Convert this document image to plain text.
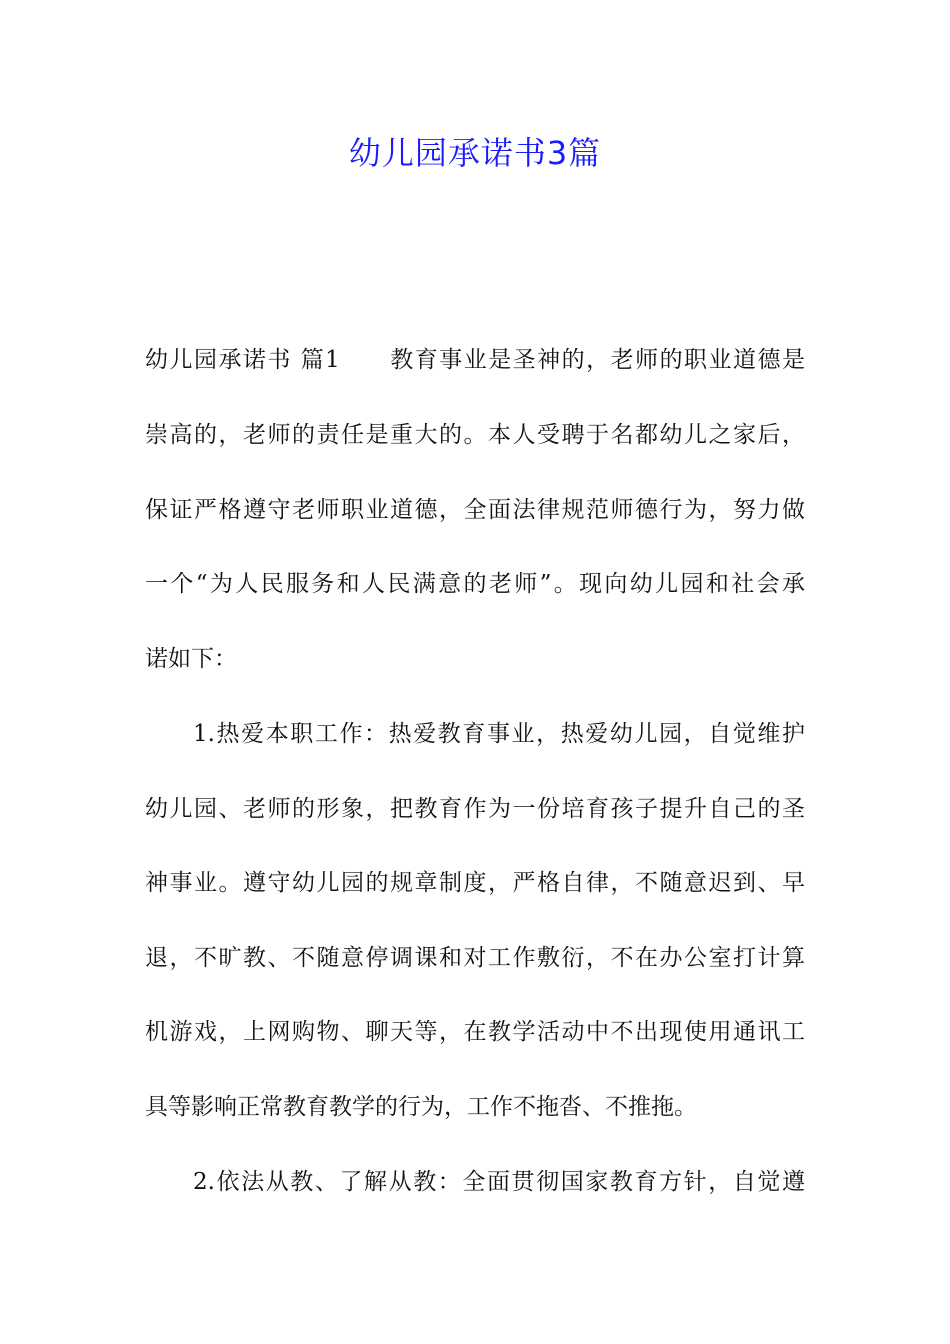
幼儿园承诺书3篇
幼儿园承诺书 篇1　　教育事业是圣神的，老师的职业道德是
崇高的，老师的责任是重大的。本人受聘于名都幼儿之家后，
保证严格遵守老师职业道德，全面法律规范师德行为，努力做
一个“为人民服务和人民满意的老师”。现向幼儿园和社会承
诺如下：
1.热爱本职工作：热爱教育事业，热爱幼儿园，自觉维护
幼儿园、老师的形象，把教育作为一份培育孩子提升自己的圣
神事业。遵守幼儿园的规章制度，严格自律，不随意迟到、早
退，不旷教、不随意停调课和对工作敷衍，不在办公室打计算
机游戏，上网购物、聊天等，在教学活动中不出现使用通讯工
具等影响正常教育教学的行为，工作不拖沓、不推拖。
2.依法从教、了解从教：全面贯彻国家教育方针，自觉遵
